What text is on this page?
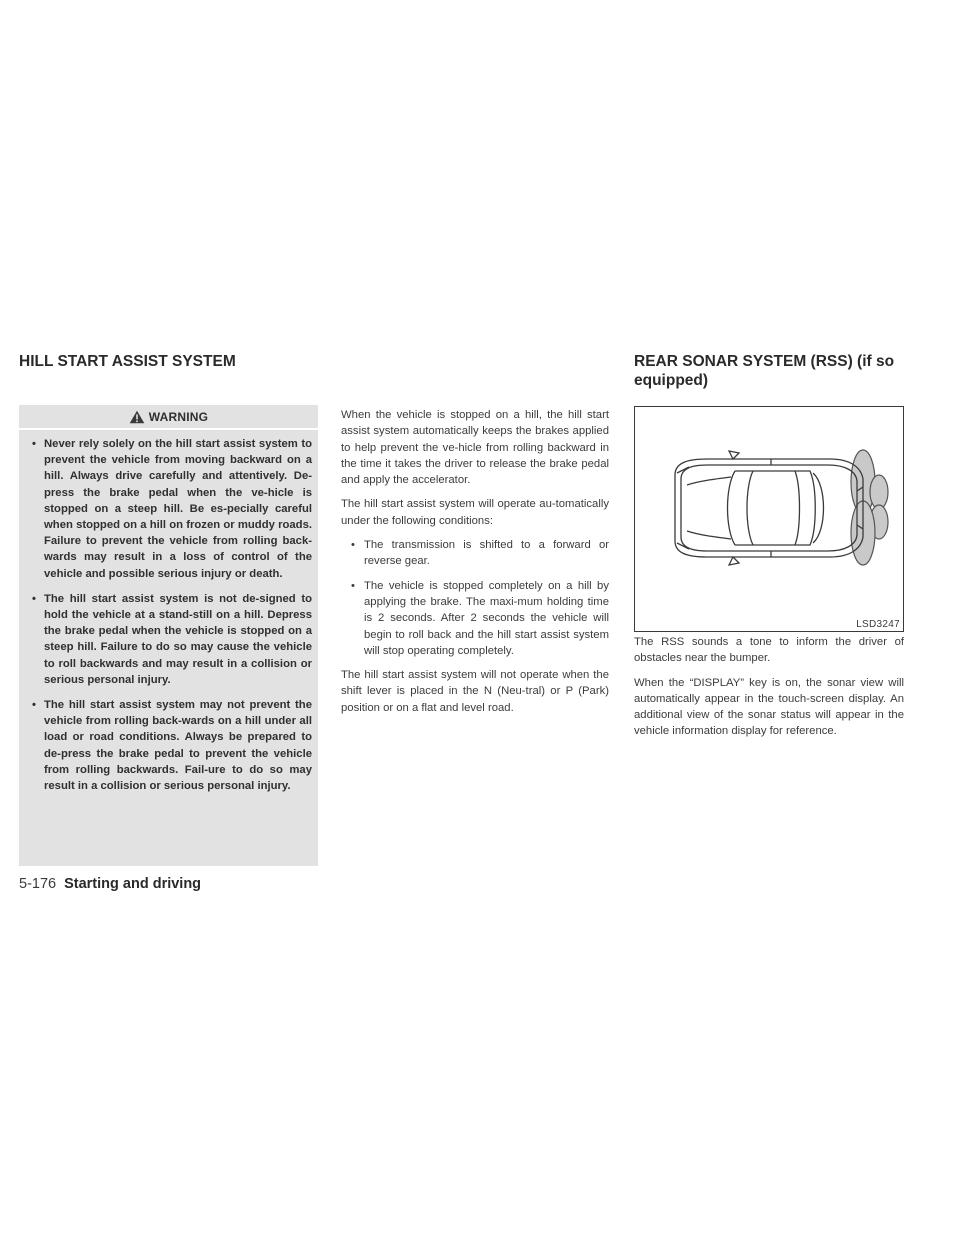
HILL START ASSIST SYSTEM	REAR SONAR SYSTEM (RSS) (if so equipped)
WARNING
• Never rely solely on the hill start assist system to prevent the vehicle from moving backward on a hill. Always drive carefully and attentively. De-press the brake pedal when the ve-hicle is stopped on a steep hill. Be es-pecially careful when stopped on a hill on frozen or muddy roads. Failure to prevent the vehicle from rolling back-wards may result in a loss of control of the vehicle and possible serious injury or death.
• The hill start assist system is not de-signed to hold the vehicle at a stand-still on a hill. Depress the brake pedal when the vehicle is stopped on a steep hill. Failure to do so may cause the vehicle to roll backwards and may result in a collision or serious personal injury.
• The hill start assist system may not prevent the vehicle from rolling back-wards on a hill under all load or road conditions. Always be prepared to de-press the brake pedal to prevent the vehicle from rolling backwards. Fail-ure to do so may result in a collision or serious personal injury.

When the vehicle is stopped on a hill, the hill start assist system automatically keeps the brakes applied to help prevent the ve-hicle from rolling backward in the time it takes the driver to release the brake pedal and apply the accelerator.

The hill start assist system will operate au-tomatically under the following conditions:

• The transmission is shifted to a forward or reverse gear.
• The vehicle is stopped completely on a hill by applying the brake. The maxi-mum holding time is 2 seconds. After 2 seconds the vehicle will begin to roll back and the hill start assist system will stop operating completely.

The hill start assist system will not operate when the shift lever is placed in the N (Neu-tral) or P (Park) position or on a flat and level road.

LSD3247

The RSS sounds a tone to inform the driver of obstacles near the bumper.

When the “DISPLAY” key is on, the sonar view will automatically appear in the touch-screen display. An additional view of the sonar status will appear in the vehicle information display for reference.

5-176 Starting and driving
